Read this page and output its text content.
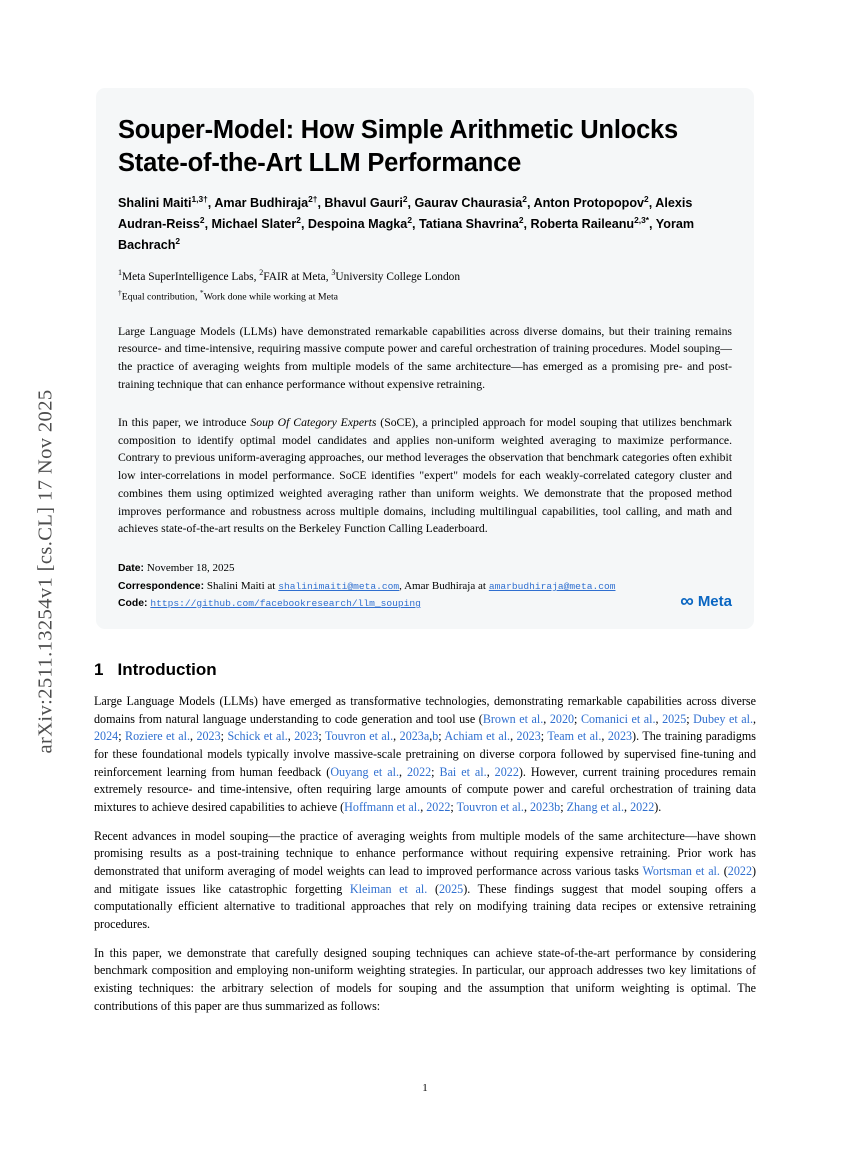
arXiv:2511.13254v1 [cs.CL] 17 Nov 2025
Souper-Model: How Simple Arithmetic Unlocks State-of-the-Art LLM Performance
Shalini Maiti$^{1,3\dagger}$, Amar Budhiraja$^{2\dagger}$, Bhavul Gauri$^2$, Gaurav Chaurasia$^2$, Anton Protopopov$^2$, Alexis Audran-Reiss$^2$, Michael Slater$^2$, Despoina Magka$^2$, Tatiana Shavrina$^2$, Roberta Raileanu$^{2,3*}$, Yoram Bachrach$^2$

$^1$Meta SuperIntelligence Labs, $^2$FAIR at Meta, $^3$University College London

†Equal contribution, *Work done while working at Meta

Large Language Models (LLMs) have demonstrated remarkable capabilities across diverse domains, but their training remains resource- and time-intensive, requiring massive compute power and careful orchestration of training procedures. Model souping—the practice of averaging weights from multiple models of the same architecture—has emerged as a promising pre- and post-training technique that can enhance performance without expensive retraining.

In this paper, we introduce Soup Of Category Experts (SoCE), a principled approach for model souping that utilizes benchmark composition to identify optimal model candidates and applies non-uniform weighted averaging to maximize performance. Contrary to previous uniform-averaging approaches, our method leverages the observation that benchmark categories often exhibit low inter-correlations in model performance. SoCE identifies "expert" models for each weakly-correlated category cluster and combines them using optimized weighted averaging rather than uniform weights. We demonstrate that the proposed method improves performance and robustness across multiple domains, including multilingual capabilities, tool calling, and math and achieves state-of-the-art results on the Berkeley Function Calling Leaderboard.

Date: November 18, 2025
Correspondence: Shalini Maiti at shalinimaiti@meta.com, Amar Budhiraja at amarbudhiraja@meta.com
Code: https://github.com/facebookresearch/llm_souping	∞ Meta
1 Introduction

Large Language Models (LLMs) have emerged as transformative technologies, demonstrating remarkable capabilities across diverse domains from natural language understanding to code generation and tool use (Brown et al., 2020; Comanici et al., 2025; Dubey et al., 2024; Roziere et al., 2023; Schick et al., 2023; Touvron et al., 2023a,b; Achiam et al., 2023; Team et al., 2023). The training paradigms for these foundational models typically involve massive-scale pretraining on diverse corpora followed by supervised fine-tuning and reinforcement learning from human feedback (Ouyang et al., 2022; Bai et al., 2022). However, current training procedures remain extremely resource- and time-intensive, often requiring large amounts of compute power and careful orchestration of training data mixtures to achieve desired capabilities to achieve (Hoffmann et al., 2022; Touvron et al., 2023b; Zhang et al., 2022).

Recent advances in model souping—the practice of averaging weights from multiple models of the same architecture—have shown promising results as a post-training technique to enhance performance without requiring expensive retraining. Prior work has demonstrated that uniform averaging of model weights can lead to improved performance across various tasks Wortsman et al. (2022) and mitigate issues like catastrophic forgetting Kleiman et al. (2025). These findings suggest that model souping offers a computationally efficient alternative to traditional approaches that rely on modifying training data recipes or extensive retraining procedures.

In this paper, we demonstrate that carefully designed souping techniques can achieve state-of-the-art performance by considering benchmark composition and employing non-uniform weighting strategies. In particular, our approach addresses two key limitations of existing techniques: the arbitrary selection of models for souping and the assumption that uniform weighting is optimal. The contributions of this paper are thus summarized as follows:

1
